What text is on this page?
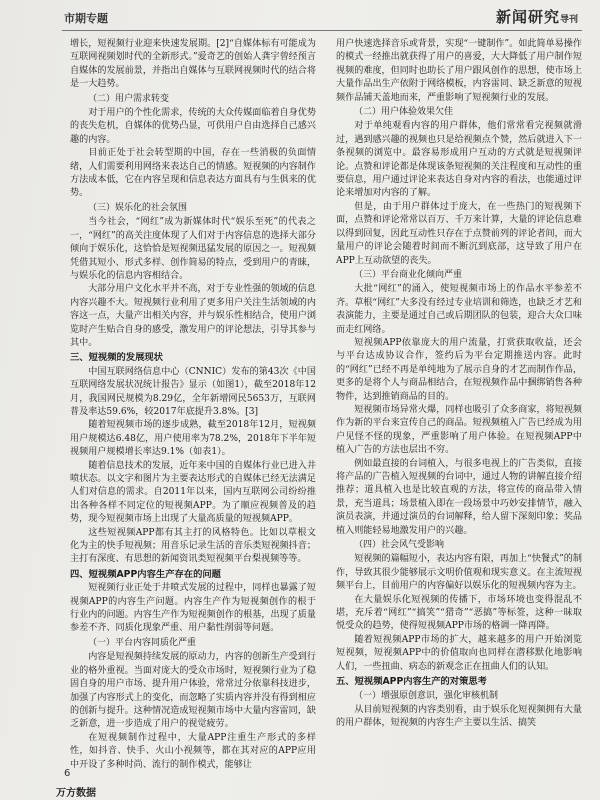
市期专题	新闻研究导刊

增长，短视频行业迎来快速发展期。[2]“自媒体标有可能成为互联网视频划时代的全新形式。”爱奇艺的创始人龚宇曾经预言自媒体的发展前景，并指出自媒体与互联网视频时代的结合将是一大趋势。

（二）用户需求转变

对于用户的个性化需求，传统的大众传媒面临着自身优势的丧失危机，自媒体的优势凸显，可供用户自由选择自己感兴趣的内容。

目前正处于社会转型期的中国，存在一些消极的负面情绪，人们需要利用网络来表达自己的情感。短视频的内容制作方法成本低，它在内容呈现和信息表达方面具有与生俱来的优势。

（三）娱乐化的社会氛围

当今社会，“网红”成为新媒体时代“娱乐至死”的代表之一，“网红”的高关注度体现了人们对于内容信息的选择大部分倾向于娱乐化，这恰恰是短视频迅猛发展的原因之一。短视频凭借其短小、形式多样、创作简易的特点，受到用户的青睐，与娱乐化的信息内容相结合。

大部分用户文化水平并不高，对于专业性强的领域的信息内容兴趣不大。短视频行业利用了更多用户关注生活领域的内容这一点，大量产出相关内容，并与娱乐性相结合，使用户浏览时产生贴合自身的感受，激发用户的评论想法，引导其参与其中。

三、短视频的发展现状

中国互联网络信息中心（CNNIC）发布的第43次《中国互联网络发展状况统计报告》显示（如图1），截至2018年12月，我国网民规模为8.29亿，全年新增网民5653万，互联网普及率达59.6%，较2017年底提升3.8%。[3]

随着短视频市场的逐步成熟，截至2018年12月，短视频用户规模达6.48亿，用户使用率为78.2%，2018年下半年短视频用户规模增长率达9.1%（如表1）。

随着信息技术的发展，近年来中国的自媒体行业已进入井喷状态。以文字和图片为主要表达形式的自媒体已经无法满足人们对信息的需求。自2011年以来，国内互联网公司纷纷推出各种各样不同定位的短视频APP。为了顺应视频普及的趋势，现今短视频市场上出现了大量高质量的短视频APP。

这些短视频APP都有其主打的风格特色。比如以草根文化为主的快手短视频；用音乐记录生活的音乐类短视频抖音；主打有深度、有思想的新闻资讯类短视频平台梨视频等等。

四、短视频APP内容生产存在的问题

短视频行业正处于井喷式发展的过程中，同样也暴露了短视频APP的内容生产问题。内容生产作为短视频创作的根于行业内的问题。内容生产作为短视频创作的根基，出现了质量参差不齐、同质化现象严重、用户黏性削弱等问题。

（一）平台内容同质化严重

内容是短视频持续发展的原动力，内容的创新生产受到行业的格外重视。当面对庞大的受众市场时，短视频行业为了稳固自身的用户市场、提升用户体验，常常过分依靠科技进步，加强了内容形式上的变化，而忽略了实质内容并没有得到相应的创新与提升。这种情况造成短视频市场中大量内容雷同，缺乏新意，进一步造成了用户的视觉疲劳。

在短视频制作过程中，大量APP注重生产形式的多样性，如抖音、快手、火山小视频等，都在其对应的APP应用中开设了多种时尚、流行的制作模式，能够让

用户快速选择音乐或背景，实现“一键制作”。如此简单易操作的模式一经推出就获得了用户的喜爱，大大降低了用户制作短视频的难度，但同时也助长了用户跟风创作的思想，使市场上大量作品出生产依附于网络模板，内容雷同、缺乏新意的短视频作品铺天盖地而来，严重影响了短视频行业的发展。

（二）用户体验效果欠佳

对于单纯观看内容的用户群体，他们常常看完视频就滑过，遇到感兴趣的视频也只是给视频点个赞，然后就进入下一条视频的浏览中。最容易形成用户互动的方式就是短视频评论。点赞和评论都是体现该条短视频的关注程度和互动性的重要信息，用户通过评论来表达自身对内容的看法，也能通过评论来增加对内容的了解。

但是，由于用户群体过于庞大，在一些热门的短视频下面，点赞和评论常常以百万、千万来计算，大量的评论信息难以得到回复，因此互动性只存在于点赞前列的评论者间，而大量用户的评论会随着时间而不断沉到底部，这导致了用户在APP上互动欲望的丧失。

（三）平台商业化倾向严重

大批“网红”的涌入，使短视频市场上的作品水平参差不齐。草根“网红”大多没有经过专业培训和筛选，也缺乏才艺和表演能力，主要是通过自己或后期团队的包装，迎合大众口味而走红网络。

短视频APP依靠庞大的用户流量，打赏获取收益，还会与平台达成协议合作，签约后为平台定期推送内容。此时的“网红”已经不再是单纯地为了展示自身的才艺而制作作品，更多的是将个人与商品相结合，在短视频作品中捆绑销售各种物件，达到推销商品的目的。

短视频市场异常火爆，同样也吸引了众多商家，将短视频作为新的平台来宣传自己的商品。短视频植入广告已经成为用户见怪不怪的现象，严重影响了用户体验。在短视频APP中植入广告的方法也层出不穷。

例如最直接的台词植入，与很多电视上的广告类似，直接将产品的广告植入短视频的台词中，通过人物的讲解直接介绍推荐；道具植入也是比较直观的方法，将宣传的商品带入情景，充当道具；场景植入即在一段场景中巧妙安排情节，融入演员表演，并通过演员的台词解释，给人留下深刻印象；奖品植入则能轻易地激发用户的兴趣。

（四）社会风气受影响

短视频的篇幅短小，表达内容有限，再加上“快餐式”的制作，导致其很少能够展示文明价值观和现实意义。在主流短视频平台上，目前用户的内容偏好以娱乐化的短视频内容为主。

在大量娱乐化短视频的传播下，市场环境也变得混乱不堪，充斥着“网红”“搞笑”“猎奇”“恶搞”等标签，这种一昧取悦受众的趋势，使得短视频APP市场的格调一降再降。

随着短视频APP市场的扩大，越来越多的用户开始浏览短视频，短视频APP中的价值取向也同样在潜移默化地影响人们，一些扭曲、病态的新观念正在扭曲人们的认知。

五、短视频APP内容生产的对策思考
（一）增强原创意识，强化审核机制

从目前短视频的内容类别看，由于娱乐化短视频拥有大量的用户群体，短视频的内容生产主要以生活、搞笑

6
万方数据
